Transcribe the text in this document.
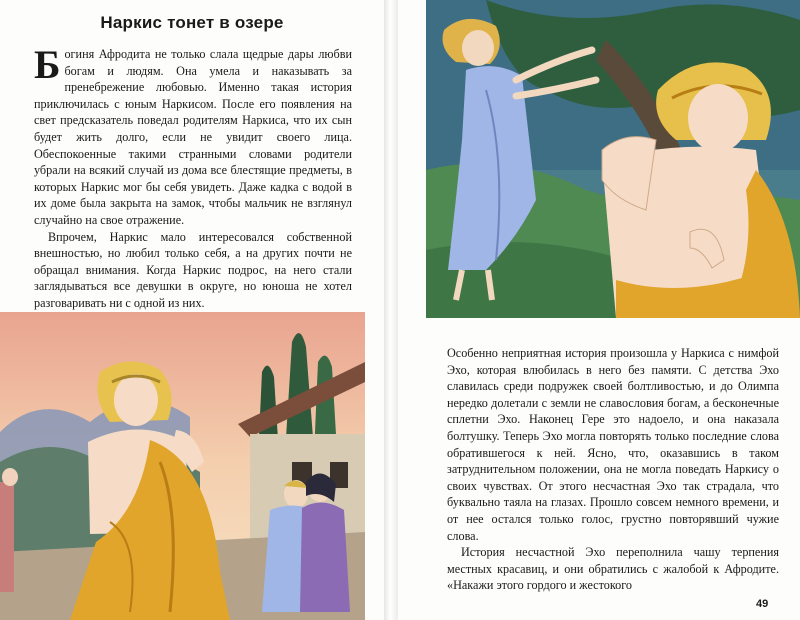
Наркис тонет в озере

Богиня Афродита не только слала щедрые дары любви богам и людям. Она умела и наказывать за пренебрежение любовью. Именно такая история приключилась с юным Наркисом. После его появления на свет предсказатель поведал родителям Наркиса, что их сын будет жить долго, если не увидит своего лица. Обеспокоенные такими странными словами родители убрали на всякий случай из дома все блестящие предметы, в которых Наркис мог бы себя увидеть. Даже кадка с водой в их доме была закрыта на замок, чтобы мальчик не взглянул случайно на свое отражение.

Впрочем, Наркис мало интересовался собственной внешностью, но любил только себя, а на других почти не обращал внимания. Когда Наркис подрос, на него стали заглядываться все девушки в округе, но юноша не хотел разговаривать ни с одной из них.

Особенно неприятная история произошла у Наркиса с нимфой Эхо, которая влюбилась в него без памяти. С детства Эхо славилась среди подружек своей болтливостью, и до Олимпа нередко долетали с земли не славословия богам, а бесконечные сплетни Эхо. Наконец Гере это надоело, и она наказала болтушку. Теперь Эхо могла повторять только последние слова обратившегося к ней. Ясно, что, оказавшись в таком затруднительном положении, она не могла поведать Наркису о своих чувствах. От этого несчастная Эхо так страдала, что буквально таяла на глазах. Прошло совсем немного времени, и от нее остался только голос, грустно повторявший чужие слова.

История несчастной Эхо переполнила чашу терпения местных красавиц, и они обратились с жалобой к Афродите. «Накажи этого гордого и жестокого

49
